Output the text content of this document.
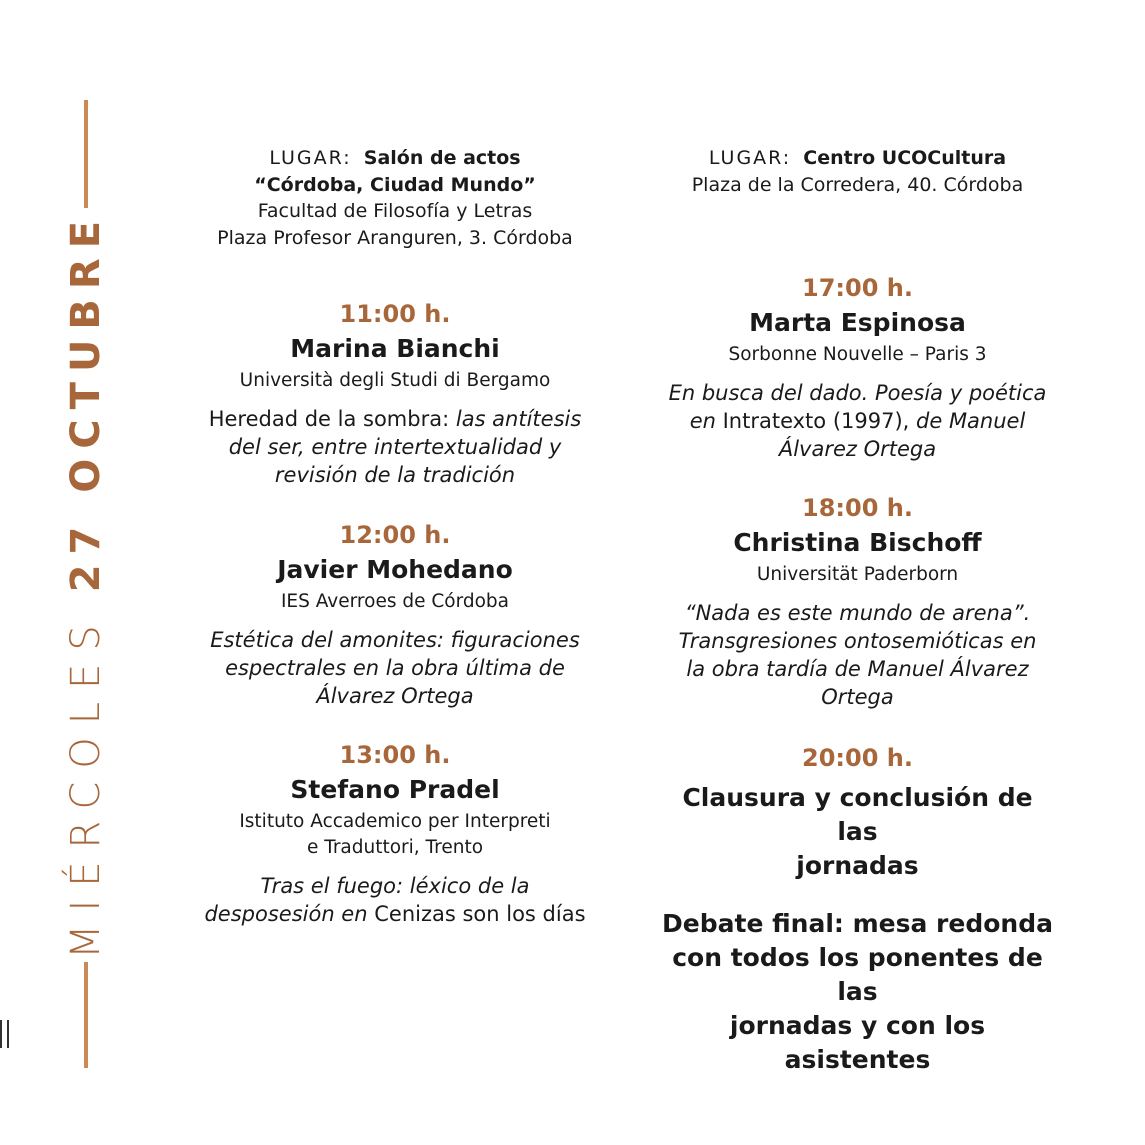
MIÉRCOLES27 OCTUBRE
LUGAR: Salón de actos
“Córdoba, Ciudad Mundo”
Facultad de Filosofía y Letras
Plaza Profesor Aranguren, 3. Córdoba
11:00 h.
Marina Bianchi
Università degli Studi di Bergamo
Heredad de la sombra: las antítesis
del ser, entre intertextualidad y
revisión de la tradición
12:00 h.
Javier Mohedano
IES Averroes de Córdoba
Estética del amonites: figuraciones
espectrales en la obra última de
Álvarez Ortega
13:00 h.
Stefano Pradel
Istituto Accademico per Interpreti
e Traduttori, Trento
Tras el fuego: léxico de la
desposesión en Cenizas son los días
LUGAR: Centro UCOCultura
Plaza de la Corredera, 40. Córdoba
17:00 h.
Marta Espinosa
Sorbonne Nouvelle – Paris 3
En busca del dado. Poesía y poética
en Intratexto (1997), de Manuel
Álvarez Ortega
18:00 h.
Christina Bischoff
Universität Paderborn
“Nada es este mundo de arena”.
Transgresiones ontosemióticas en
la obra tardía de Manuel Álvarez
Ortega
20:00 h.
Clausura y conclusión de las
jornadas
Debate final: mesa redonda
con todos los ponentes de las
jornadas y con los asistentes
